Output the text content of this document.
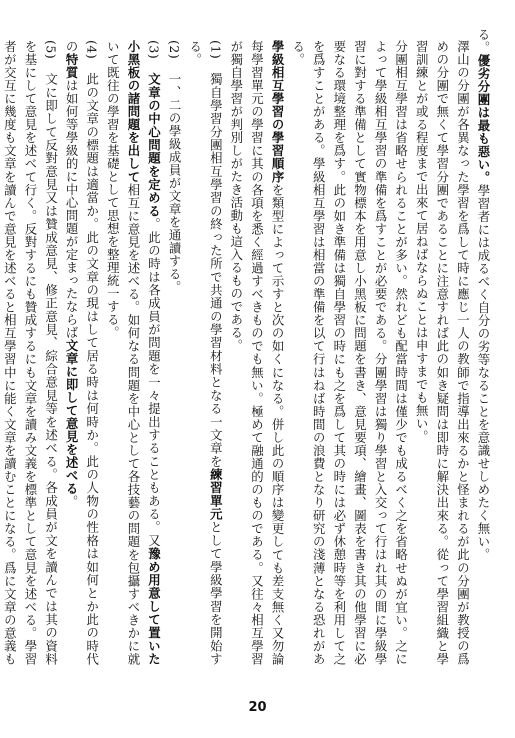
る。優劣分團は最も惡い。學習者には成るべく自分の劣等なることを意識せしめたく無い。

澤山の分團が各異なった學習を爲して時に應じ一人の教師で指導出來るかと怪まれるが此の分團が教授の爲めの分團で無くて學習分團であることに注意すれば此の如き疑問は即時に解決出來る。從って學習組織と學習訓練とが或る程度まで出來て居ねばならぬことは申すまでも無い。

分團相互學習は省略せられることが多い。然れども配當時間は僅少でも成るべく之を省略せぬが宜い。之によって學級相互學習の準備を爲すことが必要である。分團學習は獨り學習と入交って行はれ其の間に學級學習に對する準備として實物標本を用意し小黑板に問題を書き、意見要項、繪畫、圖表を書き其の他學習に必要なる環境整理を爲す。此の如き準備は獨自學習の時にも之を爲して其の時には必ず休憩時等を利用して之を爲すことがある。學級相互學習は相當の準備を以て行はねば時間の浪費となり研究の淺薄となる恐れがある。

學級相互學習の學習順序を類型によって示すと次の如くになる。併し此の順序は變更しても差支無く又勿論每學習單元の學習に其の各項を悉く經過すべきものでも無い。極めて融通的のものである。又往々相互學習が獨自學習が判別しがたき活動も這入るものである。

(1)　獨自學習分團相互學習の終った所で共通の學習材料となる一文章を練習單元として學級學習を開始する。

(2)　一、二の學級成員が文章を通讀する。

(3)　文章の中心問題を定める。此の時は各成員が問題を一々提出することもある。又豫め用意して置いた小黑板の諸問題を出して相互に意見を述べる。如何なる問題を中心として各技藝の問題を包攝すべきかに就いて既往の學習を基礎として思想を整理統一する。

(4)　此の文章の標題は適當か。此の文章の現はして居る時は何時か。此の人物の性格は如何とか此の時代の特質は如何等學級的に中心問題が定まったならば文章に即して意見を述べる。

(5)　文に即して反對意見又は贊成意見、修正意見、綜合意見等を述べる。各成員が文を讀んでは其の資料を基にして意見を述べて行く。反對するにも贊成するにも文章を讀み文義を標準として意見を述べる。學習者が交互に幾度も文章を讀んで意見を述べると相互學習中に能く文章を讀むことになる。爲に文章の意義も

20
